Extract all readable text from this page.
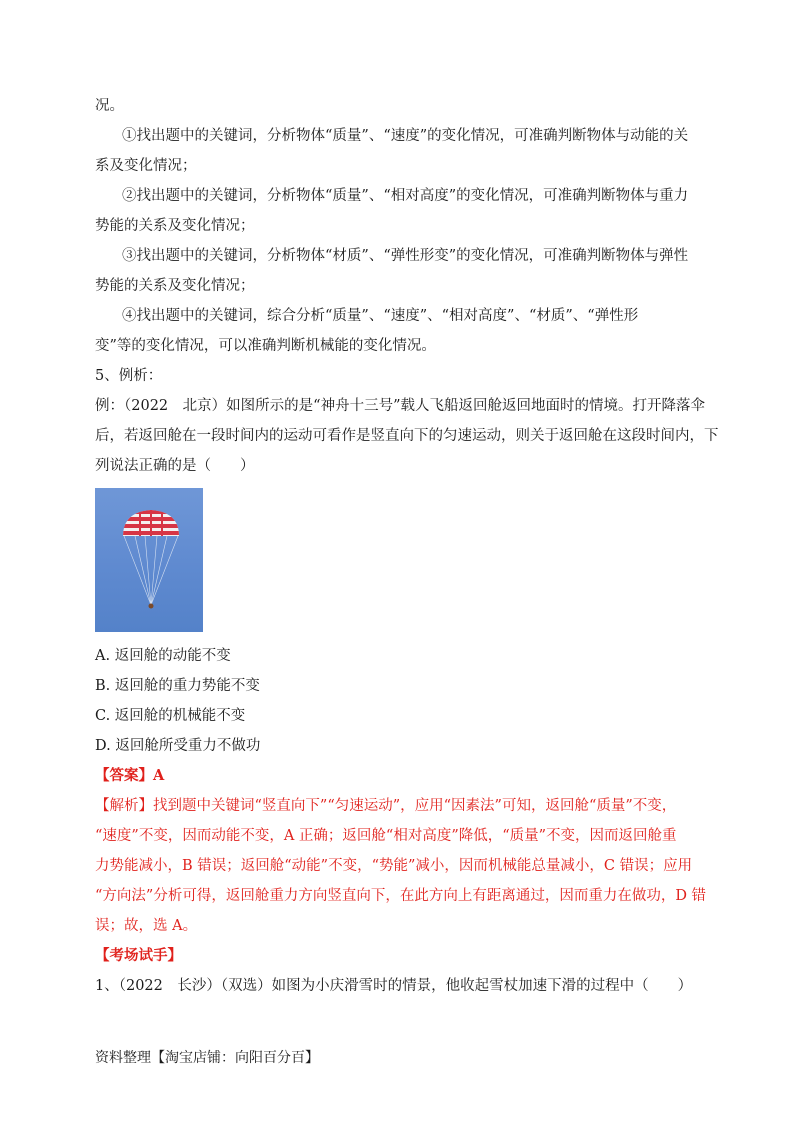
况。
①找出题中的关键词，分析物体“质量”、“速度”的变化情况，可准确判断物体与动能的关
系及变化情况；
②找出题中的关键词，分析物体“质量”、“相对高度”的变化情况，可准确判断物体与重力
势能的关系及变化情况；
③找出题中的关键词，分析物体“材质”、“弹性形变”的变化情况，可准确判断物体与弹性
势能的关系及变化情况；
④找出题中的关键词，综合分析“质量”、“速度”、“相对高度”、“材质”、“弹性形
变”等的变化情况，可以准确判断机械能的变化情况。
5、例析：
例：（2022　北京）如图所示的是“神舟十三号”载人飞船返回舱返回地面时的情境。打开降落伞
后，若返回舱在一段时间内的运动可看作是竖直向下的匀速运动，则关于返回舱在这段时间内，下
列说法正确的是（　　）
A. 返回舱的动能不变
B. 返回舱的重力势能不变
C. 返回舱的机械能不变
D. 返回舱所受重力不做功
【答案】A
【解析】找到题中关键词“竖直向下”“匀速运动”，应用“因素法”可知，返回舱“质量”不变，
“速度”不变，因而动能不变，A 正确；返回舱“相对高度”降低，“质量”不变，因而返回舱重
力势能减小，B 错误；返回舱“动能”不变，“势能”减小，因而机械能总量减小，C 错误；应用
“方向法”分析可得，返回舱重力方向竖直向下，在此方向上有距离通过，因而重力在做功，D 错
误；故，选 A。
【考场试手】
1、（2022　长沙）（双选）如图为小庆滑雪时的情景，他收起雪杖加速下滑的过程中（　　）
资料整理【淘宝店铺：向阳百分百】
